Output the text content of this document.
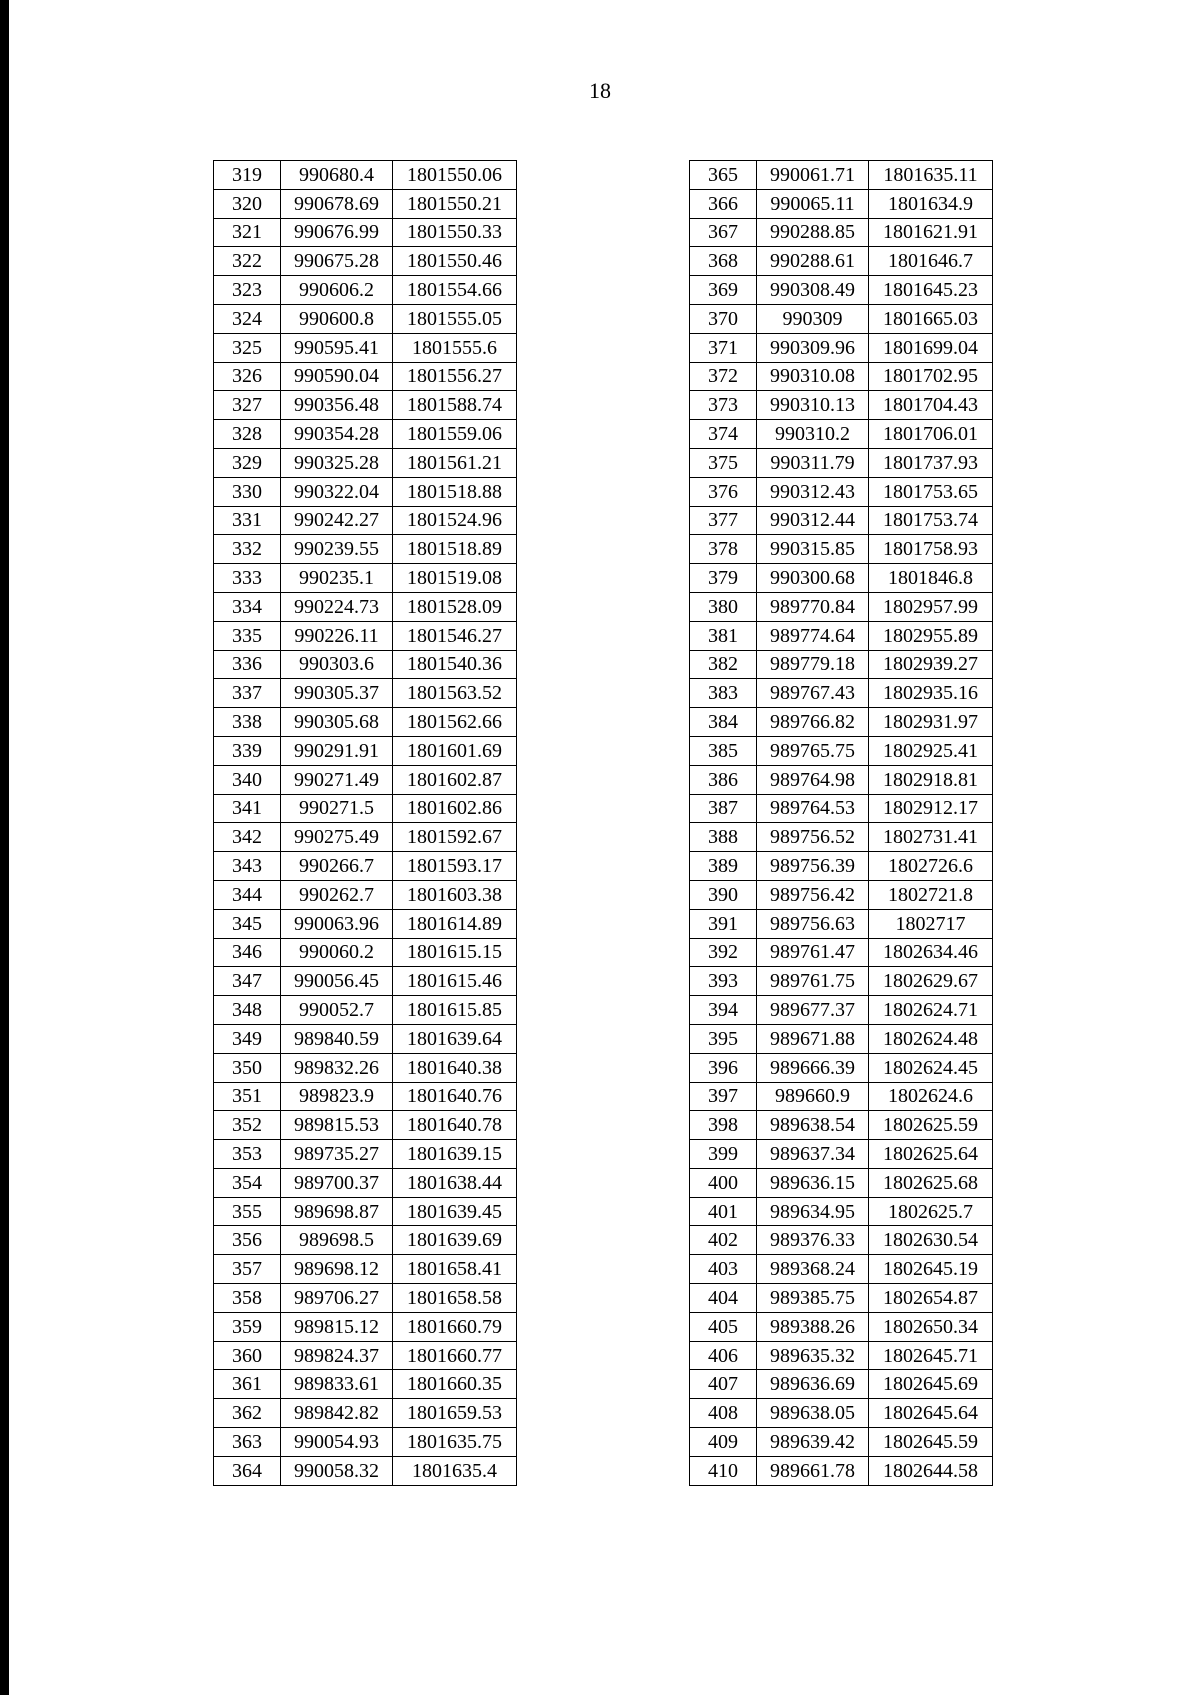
18
319	990680.4	1801550.06
320	990678.69	1801550.21
321	990676.99	1801550.33
322	990675.28	1801550.46
323	990606.2	1801554.66
324	990600.8	1801555.05
325	990595.41	1801555.6
326	990590.04	1801556.27
327	990356.48	1801588.74
328	990354.28	1801559.06
329	990325.28	1801561.21
330	990322.04	1801518.88
331	990242.27	1801524.96
332	990239.55	1801518.89
333	990235.1	1801519.08
334	990224.73	1801528.09
335	990226.11	1801546.27
336	990303.6	1801540.36
337	990305.37	1801563.52
338	990305.68	1801562.66
339	990291.91	1801601.69
340	990271.49	1801602.87
341	990271.5	1801602.86
342	990275.49	1801592.67
343	990266.7	1801593.17
344	990262.7	1801603.38
345	990063.96	1801614.89
346	990060.2	1801615.15
347	990056.45	1801615.46
348	990052.7	1801615.85
349	989840.59	1801639.64
350	989832.26	1801640.38
351	989823.9	1801640.76
352	989815.53	1801640.78
353	989735.27	1801639.15
354	989700.37	1801638.44
355	989698.87	1801639.45
356	989698.5	1801639.69
357	989698.12	1801658.41
358	989706.27	1801658.58
359	989815.12	1801660.79
360	989824.37	1801660.77
361	989833.61	1801660.35
362	989842.82	1801659.53
363	990054.93	1801635.75
364	990058.32	1801635.4
365	990061.71	1801635.11
366	990065.11	1801634.9
367	990288.85	1801621.91
368	990288.61	1801646.7
369	990308.49	1801645.23
370	990309	1801665.03
371	990309.96	1801699.04
372	990310.08	1801702.95
373	990310.13	1801704.43
374	990310.2	1801706.01
375	990311.79	1801737.93
376	990312.43	1801753.65
377	990312.44	1801753.74
378	990315.85	1801758.93
379	990300.68	1801846.8
380	989770.84	1802957.99
381	989774.64	1802955.89
382	989779.18	1802939.27
383	989767.43	1802935.16
384	989766.82	1802931.97
385	989765.75	1802925.41
386	989764.98	1802918.81
387	989764.53	1802912.17
388	989756.52	1802731.41
389	989756.39	1802726.6
390	989756.42	1802721.8
391	989756.63	1802717
392	989761.47	1802634.46
393	989761.75	1802629.67
394	989677.37	1802624.71
395	989671.88	1802624.48
396	989666.39	1802624.45
397	989660.9	1802624.6
398	989638.54	1802625.59
399	989637.34	1802625.64
400	989636.15	1802625.68
401	989634.95	1802625.7
402	989376.33	1802630.54
403	989368.24	1802645.19
404	989385.75	1802654.87
405	989388.26	1802650.34
406	989635.32	1802645.71
407	989636.69	1802645.69
408	989638.05	1802645.64
409	989639.42	1802645.59
410	989661.78	1802644.58
